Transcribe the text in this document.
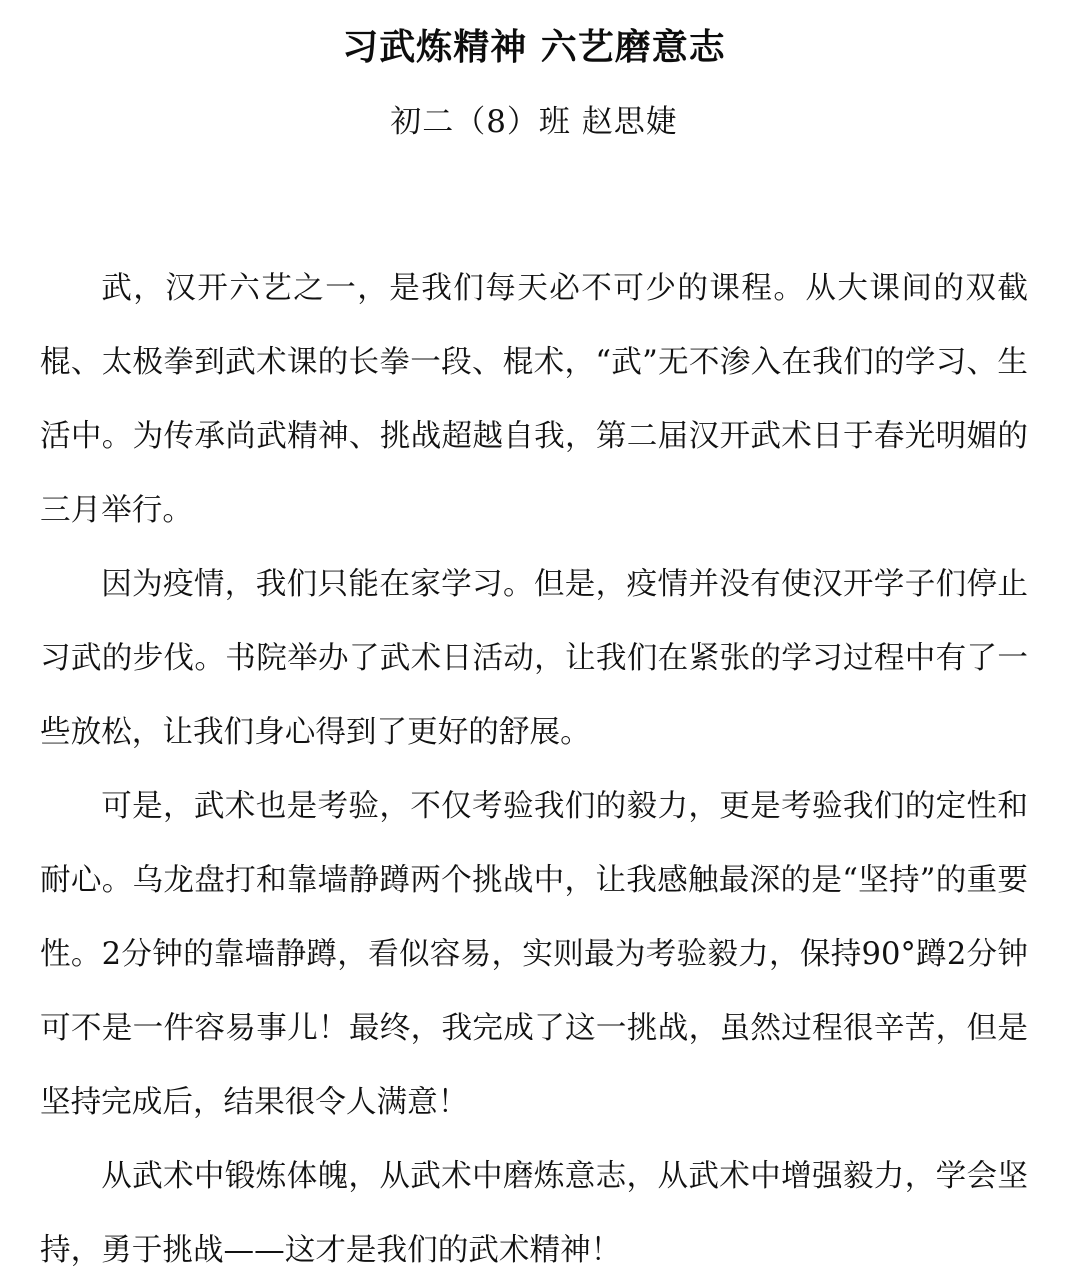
习武炼精神 六艺磨意志

初二（8）班 赵思婕

武，汉开六艺之一，是我们每天必不可少的课程。从大课间的双截棍、太极拳到武术课的长拳一段、棍术，“武”无不渗入在我们的学习、生活中。为传承尚武精神、挑战超越自我，第二届汉开武术日于春光明媚的三月举行。

因为疫情，我们只能在家学习。但是，疫情并没有使汉开学子们停止习武的步伐。书院举办了武术日活动，让我们在紧张的学习过程中有了一些放松，让我们身心得到了更好的舒展。

可是，武术也是考验，不仅考验我们的毅力，更是考验我们的定性和耐心。乌龙盘打和靠墙静蹲两个挑战中，让我感触最深的是“坚持”的重要性。2分钟的靠墙静蹲，看似容易，实则最为考验毅力，保持90°蹲2分钟可不是一件容易事儿！最终，我完成了这一挑战，虽然过程很辛苦，但是坚持完成后，结果很令人满意！

从武术中锻炼体魄，从武术中磨炼意志，从武术中增强毅力，学会坚持，勇于挑战——这才是我们的武术精神！
